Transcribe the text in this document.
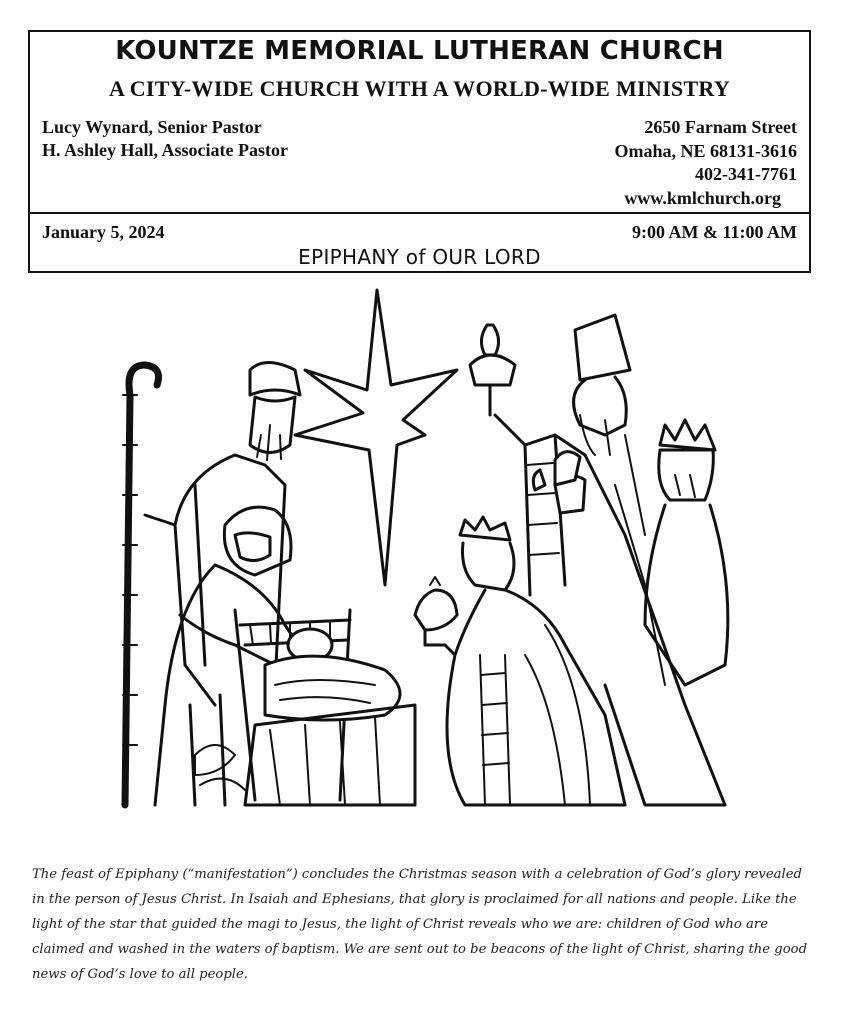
KOUNTZE MEMORIAL LUTHERAN CHURCH
A CITY-WIDE CHURCH WITH A WORLD-WIDE MINISTRY
Lucy Wynard, Senior Pastor
H. Ashley Hall, Associate Pastor
2650 Farnam Street
Omaha, NE 68131-3616
402-341-7761
www.kmlchurch.org
January 5, 2024	9:00 AM & 11:00 AM
EPIPHANY of OUR LORD
The feast of Epiphany (“manifestation”) concludes the Christmas season with a celebration of God’s glory revealed in the person of Jesus Christ. In Isaiah and Ephesians, that glory is proclaimed for all nations and people. Like the light of the star that guided the magi to Jesus, the light of Christ reveals who we are: children of God who are claimed and washed in the waters of baptism. We are sent out to be beacons of the light of Christ, sharing the good news of God’s love to all people.
